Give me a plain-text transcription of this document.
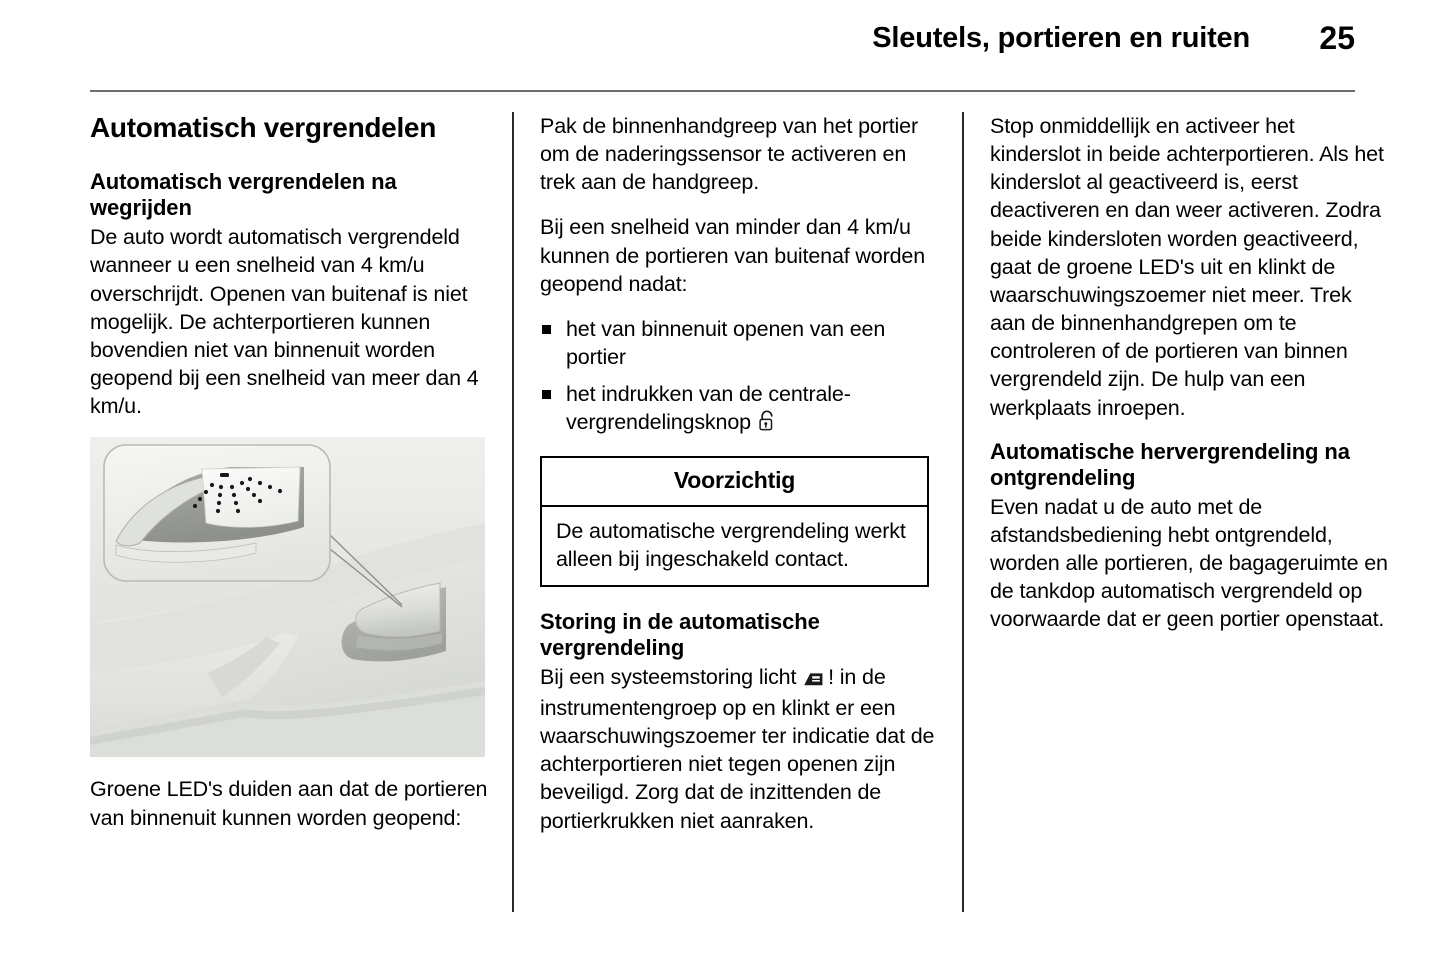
Sleutels, portieren en ruiten 25
Automatisch vergrendelen
Automatisch vergrendelen na wegrijden

De auto wordt automatisch vergrendeld wanneer u een snelheid van 4 km/u overschrijdt. Openen van buitenaf is niet mogelijk. De achterportieren kunnen bovendien niet van binnenuit worden geopend bij een snelheid van meer dan 4 km/u.

Groene LED's duiden aan dat de portieren van binnenuit kunnen worden geopend:

Pak de binnenhandgreep van het portier om de naderingssensor te activeren en trek aan de handgreep.

Bij een snelheid van minder dan 4 km/u kunnen de portieren van buitenaf worden geopend nadat:

het van binnenuit openen van een portier
het indrukken van de centrale-vergrendelingsknop
Voorzichtig
De automatische vergrendeling werkt alleen bij ingeschakeld contact.
Storing in de automatische vergrendeling

Bij een systeemstoring licht ! in de instrumentengroep op en klinkt er een waarschuwingszoemer ter indicatie dat de achterportieren niet tegen openen zijn beveiligd. Zorg dat de inzittenden de portierkrukken niet aanraken.

Stop onmiddellijk en activeer het kinderslot in beide achterportieren. Als het kinderslot al geactiveerd is, eerst deactiveren en dan weer activeren. Zodra beide kindersloten worden geactiveerd, gaat de groene LED's uit en klinkt de waarschuwingszoemer niet meer. Trek aan de binnenhandgrepen om te controleren of de portieren van binnen vergrendeld zijn. De hulp van een werkplaats inroepen.

Automatische hervergrendeling na ontgrendeling

Even nadat u de auto met de afstandsbediening hebt ontgrendeld, worden alle portieren, de bagageruimte en de tankdop automatisch vergrendeld op voorwaarde dat er geen portier openstaat.
